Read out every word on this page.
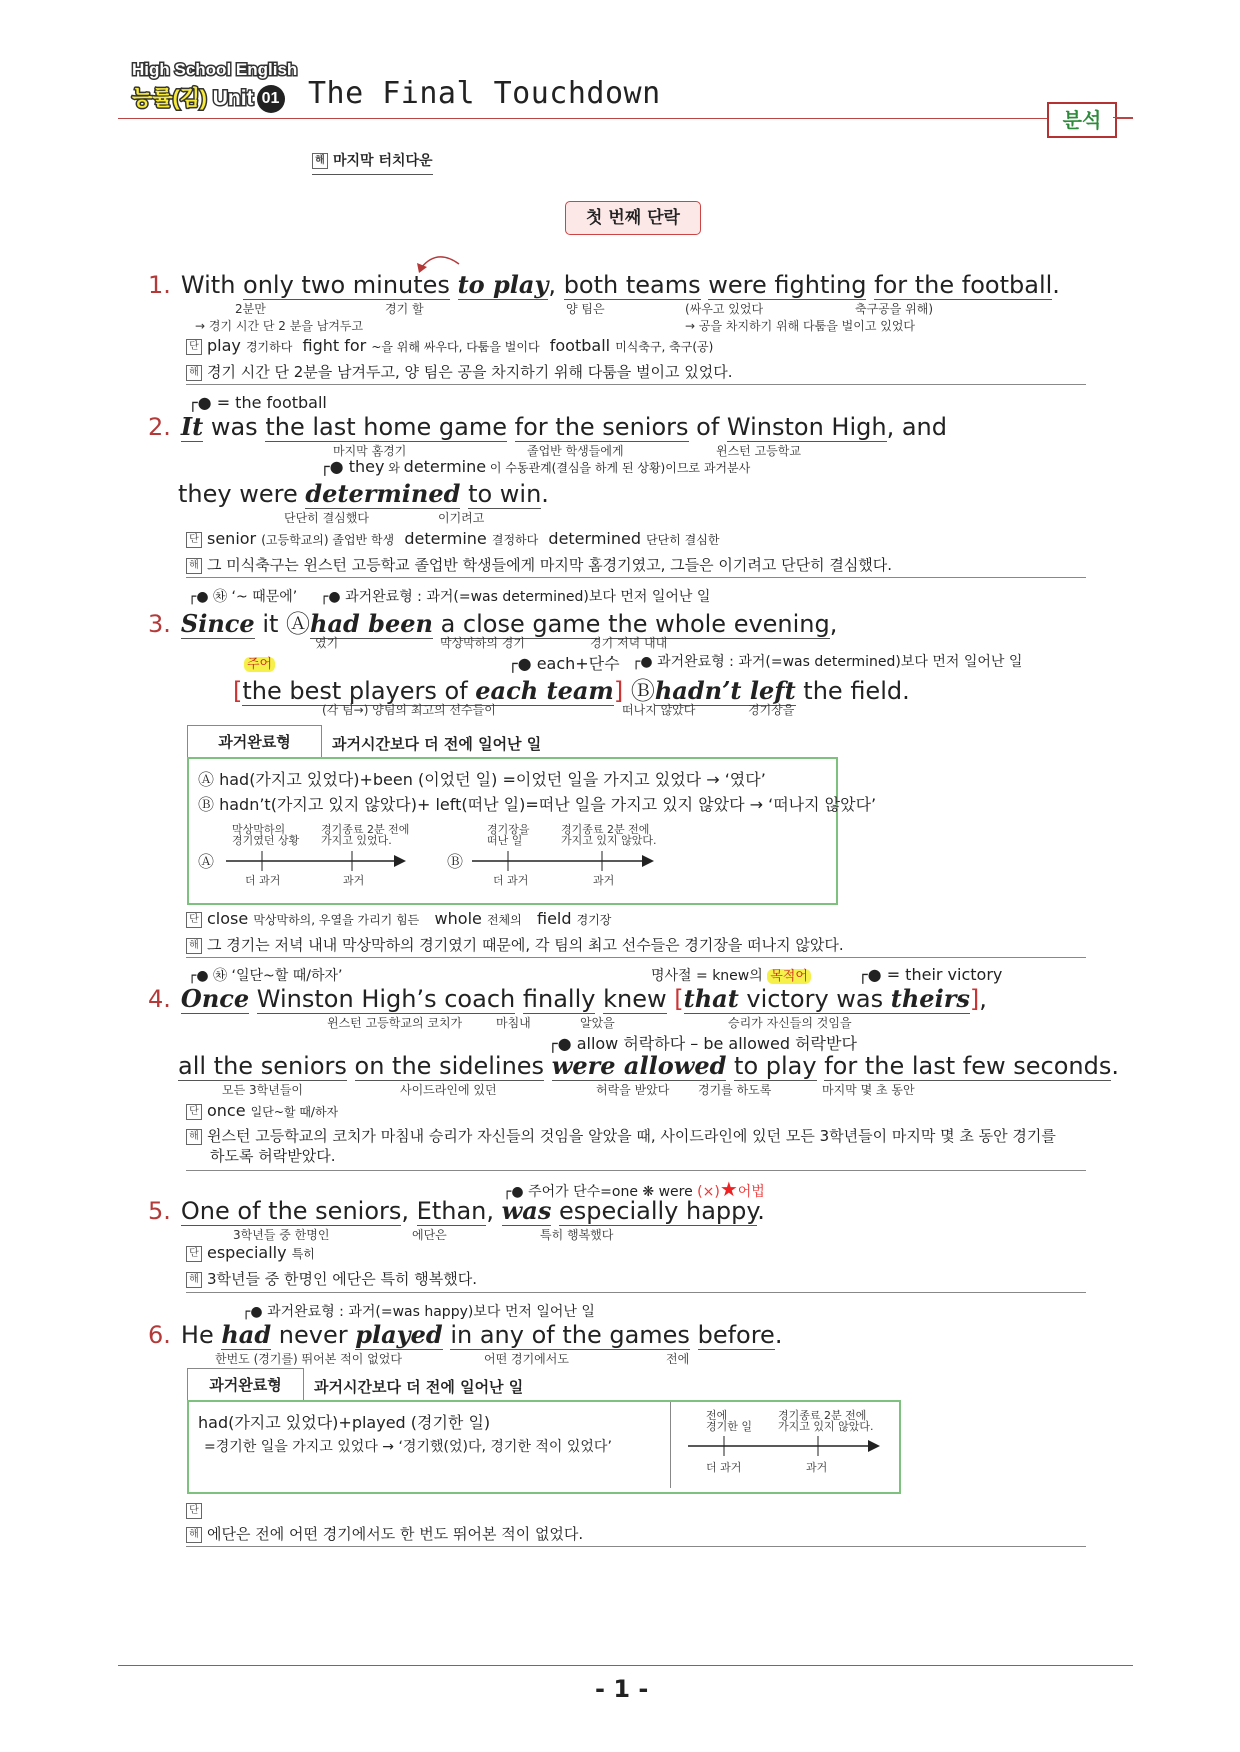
High School English
능률(김) Unit 01 The Final Touchdown
분석
해 마지막 터치다운
첫 번째 단락
1. With only two minutes to play, both teams were fighting for the football.
2분만	경기 할	양 팀은	(싸우고 있었다	축구공을 위해)
→ 경기 시간 단 2 분을 남겨두고	→ 공을 차지하기 위해 다툼을 벌이고 있었다
단 play 경기하다 fight for ~을 위해 싸우다, 다툼을 벌이다 football 미식축구, 축구(공)
해 경기 시간 단 2분을 남겨두고, 양 팀은 공을 차지하기 위해 다툼을 벌이고 있었다.
┌● = the football
2. It was the last home game for the seniors of Winston High, and
마지막 홈경기	졸업반 학생들에게	윈스턴 고등학교
┌● they 와 determine 이 수동관계(결심을 하게 된 상황)이므로 과거분사
they were determined to win.
단단히 결심했다	이기려고
단 senior (고등학교의) 졸업반 학생 determine 결정하다 determined 단단히 결심한
해 그 미식축구는 윈스턴 고등학교 졸업반 학생들에게 마지막 홈경기였고, 그들은 이기려고 단단히 결심했다.
┌● ㉷ ‘~ 때문에’ ┌● 과거완료형 : 과거(=was determined)보다 먼저 일어난 일
3. Since it Ⓐhad been a close game the whole evening,
였기	막상막하의 경기	경기 저녁 내내
주어	┌● each+단수 ┌● 과거완료형 : 과거(=was determined)보다 먼저 일어난 일
[the best players of each team] Ⓑhadn’t left the field.
(각 팀→) 양팀의 최고의 선수들이	떠나지 않았다	경기장을
과거완료형	과거시간보다 더 전에 일어난 일
Ⓐ had(가지고 있었다)+been (이었던 일) =이었던 일을 가지고 있었다 → ‘였다’
Ⓑ hadn’t(가지고 있지 않았다)+ left(떠난 일)=떠난 일을 가지고 있지 않았다 → ‘떠나지 않았다’
막상막하의
경기였던 상황
경기종료 2분 전에
가지고 있었다.
Ⓐ
더 과거	과거
경기장을
떠난 일
경기종료 2분 전에
가지고 있지 않았다.
Ⓑ
더 과거	과거
단 close 막상막하의, 우열을 가리기 힘든 whole 전체의 field 경기장
해 그 경기는 저녁 내내 막상막하의 경기였기 때문에, 각 팀의 최고 선수들은 경기장을 떠나지 않았다.
┌● ㉷ ‘일단~할 때/하자’	명사절 = knew의 목적어	┌● = their victory
4. Once Winston High’s coach finally knew [that victory was theirs],
윈스턴 고등학교의 코치가	마침내	알았을	승리가 자신들의 것임을
┌● allow 허락하다 – be allowed 허락받다
all the seniors on the sidelines were allowed to play for the last few seconds.
모든 3학년들이	사이드라인에 있던	허락을 받았다 경기를 하도록	마지막 몇 초 동안
단 once 일단~할 때/하자
해 윈스턴 고등학교의 코치가 마침내 승리가 자신들의 것임을 알았을 때, 사이드라인에 있던 모든 3학년들이 마지막 몇 초 동안 경기를
하도록 허락받았다.
┌● 주어가 단수=one ❋ were (×)★어법
5. One of the seniors, Ethan, was especially happy.
3학년들 중 한명인	에단은	특히 행복했다
단 especially 특히
해 3학년들 중 한명인 에단은 특히 행복했다.
┌● 과거완료형 : 과거(=was happy)보다 먼저 일어난 일
6. He had never played in any of the games before.
한번도 (경기를) 뛰어본 적이 없었다	어떤 경기에서도	전에
과거완료형	과거시간보다 더 전에 일어난 일
had(가지고 있었다)+played (경기한 일)
=경기한 일을 가지고 있었다 → ‘경기했(었)다, 경기한 적이 있었다’
전에
경기한 일
경기종료 2분 전에
가지고 있지 않았다.
더 과거	과거
단
해 에단은 전에 어떤 경기에서도 한 번도 뛰어본 적이 없었다.
- 1 -
